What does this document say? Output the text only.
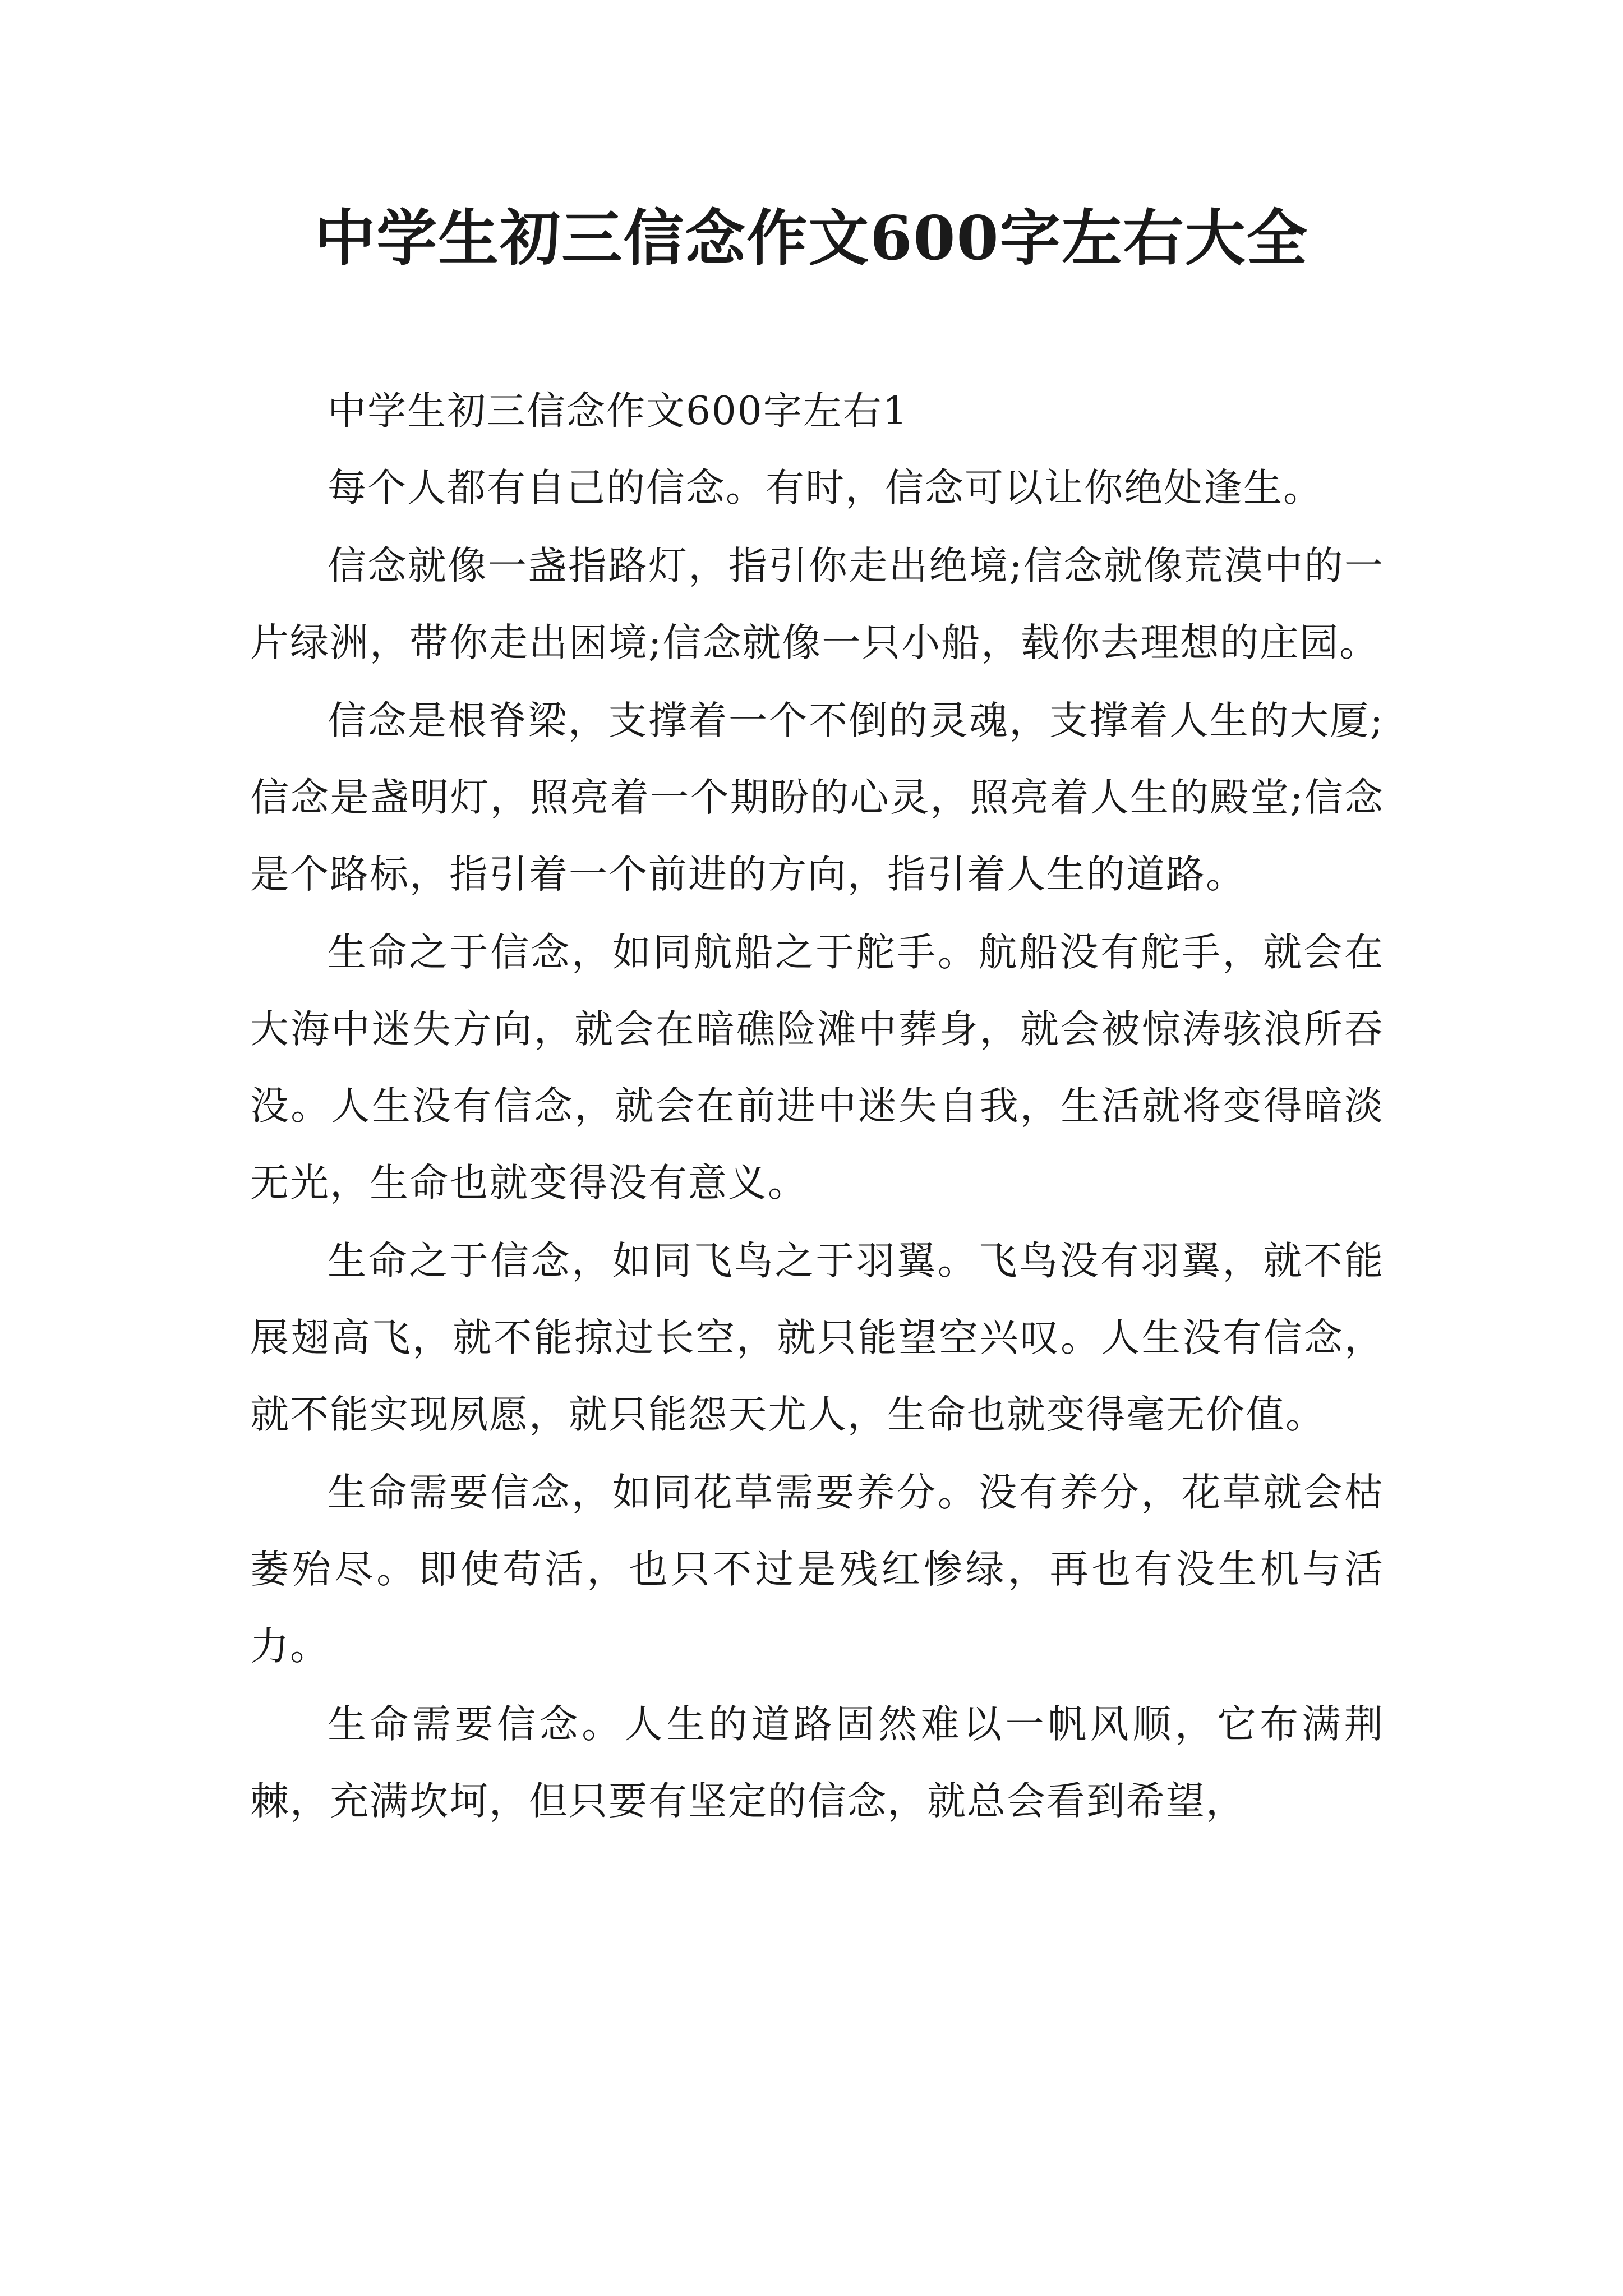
中学生初三信念作文600字左右大全

中学生初三信念作文600字左右1

每个人都有自己的信念。有时，信念可以让你绝处逢生。

信念就像一盏指路灯，指引你走出绝境;信念就像荒漠中的一片绿洲，带你走出困境;信念就像一只小船，载你去理想的庄园。

信念是根脊梁，支撑着一个不倒的灵魂，支撑着人生的大厦;信念是盏明灯，照亮着一个期盼的心灵，照亮着人生的殿堂;信念是个路标，指引着一个前进的方向，指引着人生的道路。

生命之于信念，如同航船之于舵手。航船没有舵手，就会在大海中迷失方向，就会在暗礁险滩中葬身，就会被惊涛骇浪所吞没。人生没有信念，就会在前进中迷失自我，生活就将变得暗淡无光，生命也就变得没有意义。

生命之于信念，如同飞鸟之于羽翼。飞鸟没有羽翼，就不能展翅高飞，就不能掠过长空，就只能望空兴叹。人生没有信念，就不能实现夙愿，就只能怨天尤人，生命也就变得毫无价值。

生命需要信念，如同花草需要养分。没有养分，花草就会枯萎殆尽。即使苟活，也只不过是残红惨绿，再也有没生机与活力。

生命需要信念。人生的道路固然难以一帆风顺，它布满荆棘，充满坎坷，但只要有坚定的信念，就总会看到希望，
